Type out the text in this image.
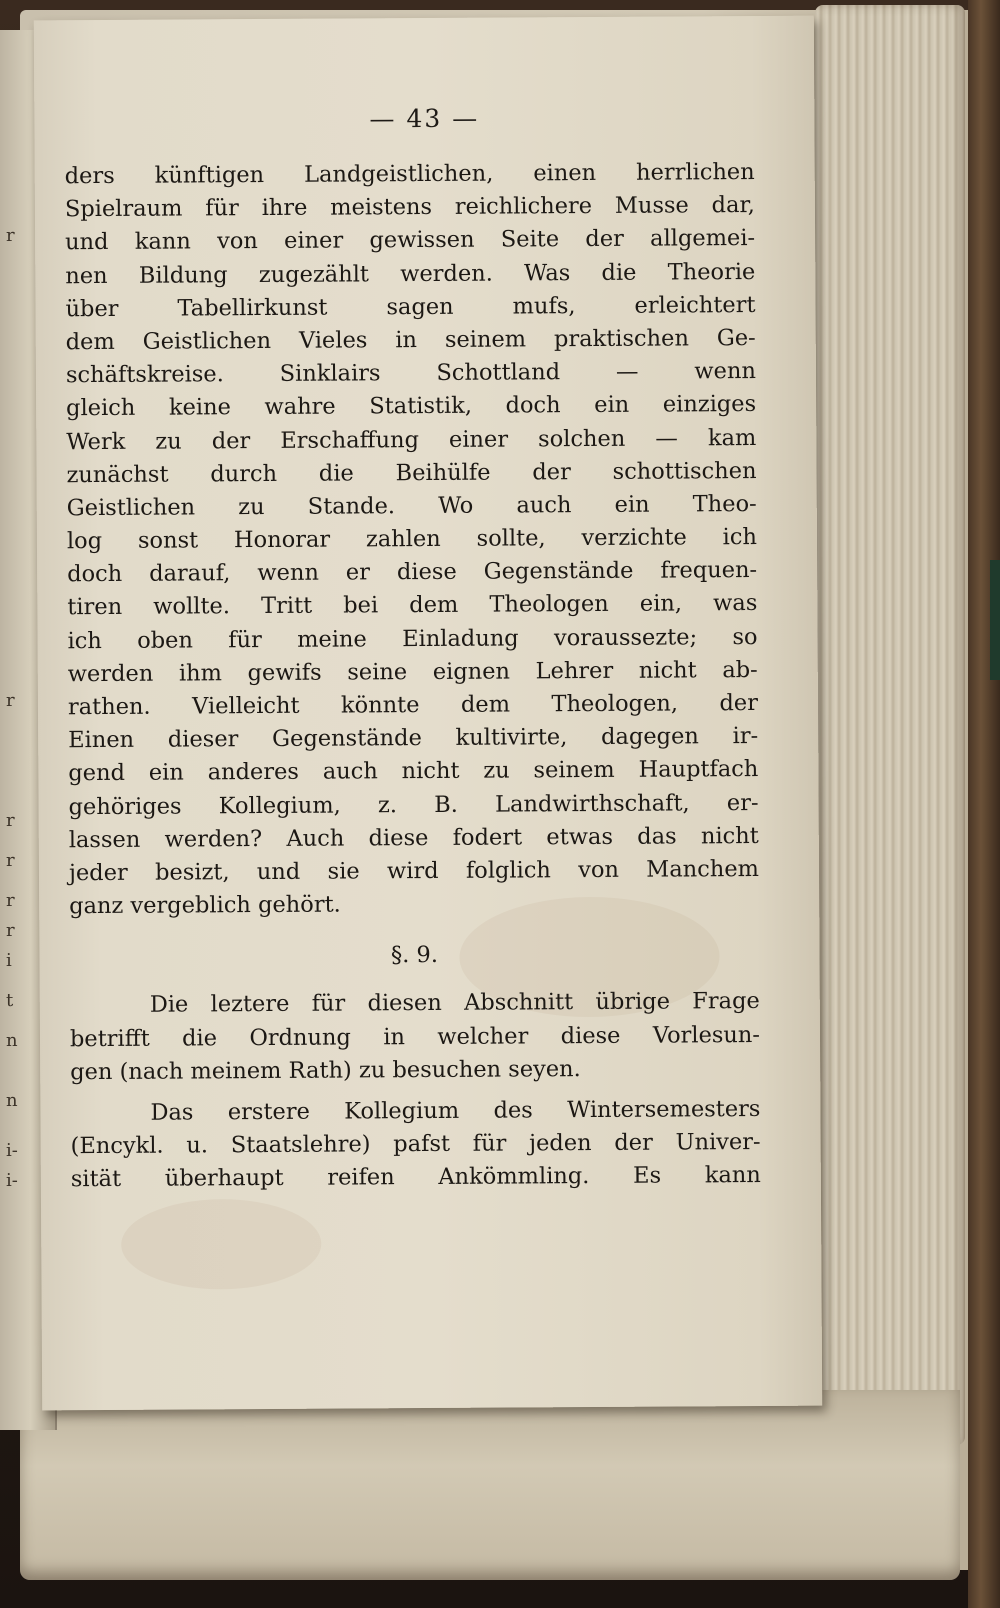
r
r
r
r
r
r
t
i
n
n
i-
i-
— 43 —
ders künftigen Landgeistlichen, einen herrlichen
Spielraum für ihre meistens reichlichere Musse dar,
und kann von einer gewissen Seite der allgemei-
nen Bildung zugezählt werden. Was die Theorie
über Tabellirkunst sagen mufs, erleichtert
dem Geistlichen Vieles in seinem praktischen Ge-
schäftskreise. Sinklairs Schottland — wenn
gleich keine wahre Statistik, doch ein einziges
Werk zu der Erschaffung einer solchen — kam
zunächst durch die Beihülfe der schottischen
Geistlichen zu Stande. Wo auch ein Theo-
log sonst Honorar zahlen sollte, verzichte ich
doch darauf, wenn er diese Gegenstände frequen-
tiren wollte. Tritt bei dem Theologen ein, was
ich oben für meine Einladung voraussezte; so
werden ihm gewifs seine eignen Lehrer nicht ab-
rathen. Vielleicht könnte dem Theologen, der
Einen dieser Gegenstände kultivirte, dagegen ir-
gend ein anderes auch nicht zu seinem Hauptfach
gehöriges Kollegium, z. B. Landwirthschaft, er-
lassen werden? Auch diese fodert etwas das nicht
jeder besizt, und sie wird folglich von Manchem
ganz vergeblich gehört.
§. 9.
Die leztere für diesen Abschnitt übrige Frage
betrifft die Ordnung in welcher diese Vorlesun-
gen (nach meinem Rath) zu besuchen seyen.
Das erstere Kollegium des Wintersemesters
(Encykl. u. Staatslehre) pafst für jeden der Univer-
sität überhaupt reifen Ankömmling. Es kann
